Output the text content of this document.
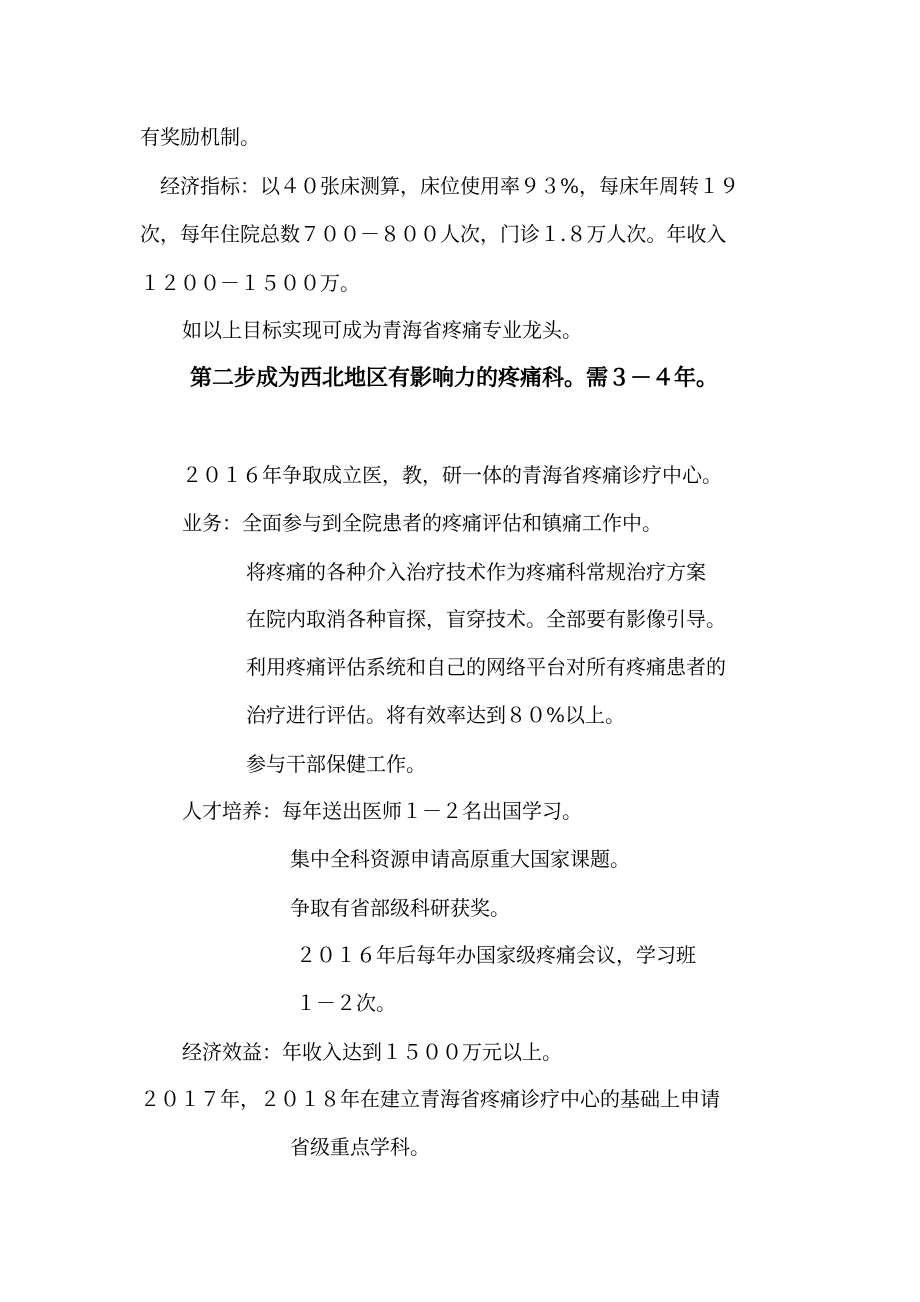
有奖励机制。
经济指标：以４０张床测算，床位使用率９３%，每床年周转１９
次，每年住院总数７００－８００人次，门诊１.８万人次。年收入
１２００－１５００万。
如以上目标实现可成为青海省疼痛专业龙头。
第二步成为西北地区有影响力的疼痛科。需３－４年。
２０１６年争取成立医，教，研一体的青海省疼痛诊疗中心。
业务：全面参与到全院患者的疼痛评估和镇痛工作中。
将疼痛的各种介入治疗技术作为疼痛科常规治疗方案
在院内取消各种盲探，盲穿技术。全部要有影像引导。
利用疼痛评估系统和自己的网络平台对所有疼痛患者的
治疗进行评估。将有效率达到８０%以上。
参与干部保健工作。
人才培养：每年送出医师１－２名出国学习。
集中全科资源申请高原重大国家课题。
争取有省部级科研获奖。
２０１６年后每年办国家级疼痛会议，学习班
１－２次。
经济效益：年收入达到１５００万元以上。
２０１７年，２０１８年在建立青海省疼痛诊疗中心的基础上申请
省级重点学科。
